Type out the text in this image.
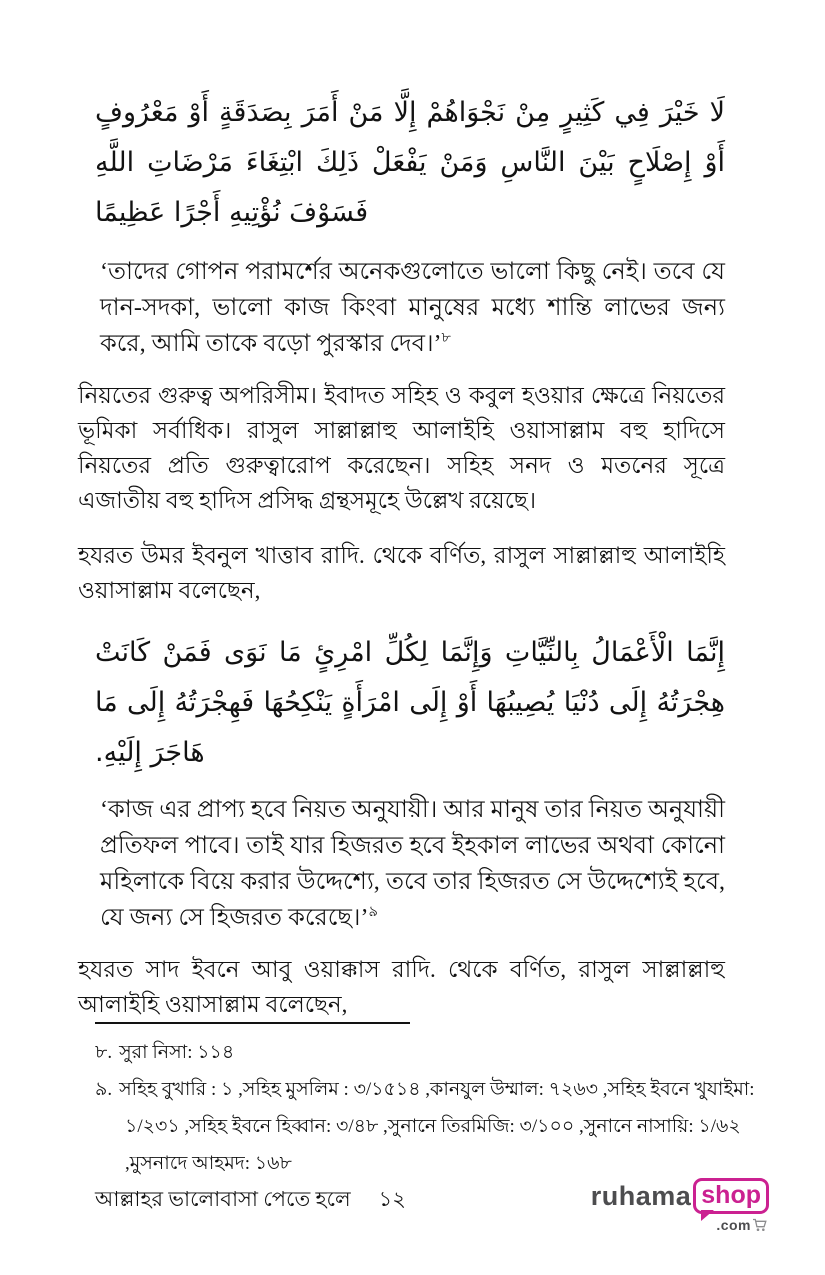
لَا خَيْرَ فِي كَثِيرٍ مِنْ نَجْوَاهُمْ إِلَّا مَنْ أَمَرَ بِصَدَقَةٍ أَوْ مَعْرُوفٍ أَوْ إِصْلَاحٍ بَيْنَ النَّاسِ وَمَنْ يَفْعَلْ ذَلِكَ ابْتِغَاءَ مَرْضَاتِ اللَّهِ فَسَوْفَ نُؤْتِيهِ أَجْرًا عَظِيمًا
‘তাদের গোপন পরামর্শের অনেকগুলোতে ভালো কিছু নেই। তবে যে দান-সদকা, ভালো কাজ কিংবা মানুষের মধ্যে শান্তি লাভের জন্য করে, আমি তাকে বড়ো পুরস্কার দেব।’$^৮$

নিয়তের গুরুত্ব অপরিসীম। ইবাদত সহিহ ও কবুল হওয়ার ক্ষেত্রে নিয়তের ভূমিকা সর্বাধিক। রাসুল সাল্লাল্লাহু আলাইহি ওয়াসাল্লাম বহু হাদিসে নিয়তের প্রতি গুরুত্বারোপ করেছেন। সহিহ সনদ ও মতনের সূত্রে এজাতীয় বহু হাদিস প্রসিদ্ধ গ্রন্থসমূহে উল্লেখ রয়েছে।

হযরত উমর ইবনুল খাত্তাব রাদি. থেকে বর্ণিত, রাসুল সাল্লাল্লাহু আলাইহি ওয়াসাল্লাম বলেছেন,

إِنَّمَا الْأَعْمَالُ بِالنِّيَّاتِ وَإِنَّمَا لِكُلِّ امْرِئٍ مَا نَوَى فَمَنْ كَانَتْ هِجْرَتُهُ إِلَى دُنْيَا يُصِيبُهَا أَوْ إِلَى امْرَأَةٍ يَنْكِحُهَا فَهِجْرَتُهُ إِلَى مَا هَاجَرَ إِلَيْهِ.
‘কাজ এর প্রাপ্য হবে নিয়ত অনুযায়ী। আর মানুষ তার নিয়ত অনুযায়ী প্রতিফল পাবে। তাই যার হিজরত হবে ইহকাল লাভের অথবা কোনো মহিলাকে বিয়ে করার উদ্দেশ্যে, তবে তার হিজরত সে উদ্দেশ্যেই হবে, যে জন্য সে হিজরত করেছে।’$^৯$

হযরত সাদ ইবনে আবু ওয়াক্কাস রাদি. থেকে বর্ণিত, রাসুল সাল্লাল্লাহু আলাইহি ওয়াসাল্লাম বলেছেন,

৮. সুরা নিসা: ১১৪
৯. সহিহ বুখারি : ১ ,সহিহ মুসলিম : ৩/১৫১৪ ,কানযুল উম্মাল: ৭২৬৩ ,সহিহ ইবনে খুযাইমা: ১/২৩১ ,সহিহ ইবনে হিব্বান: ৩/৪৮ ,সুনানে তিরমিজি: ৩/১০০ ,সুনানে নাসায়ি: ১/৬২ ,মুসনাদে আহমদ: ১৬৮
আল্লাহর ভালোবাসা পেতে হলে ১২	ruhama shop
.com
